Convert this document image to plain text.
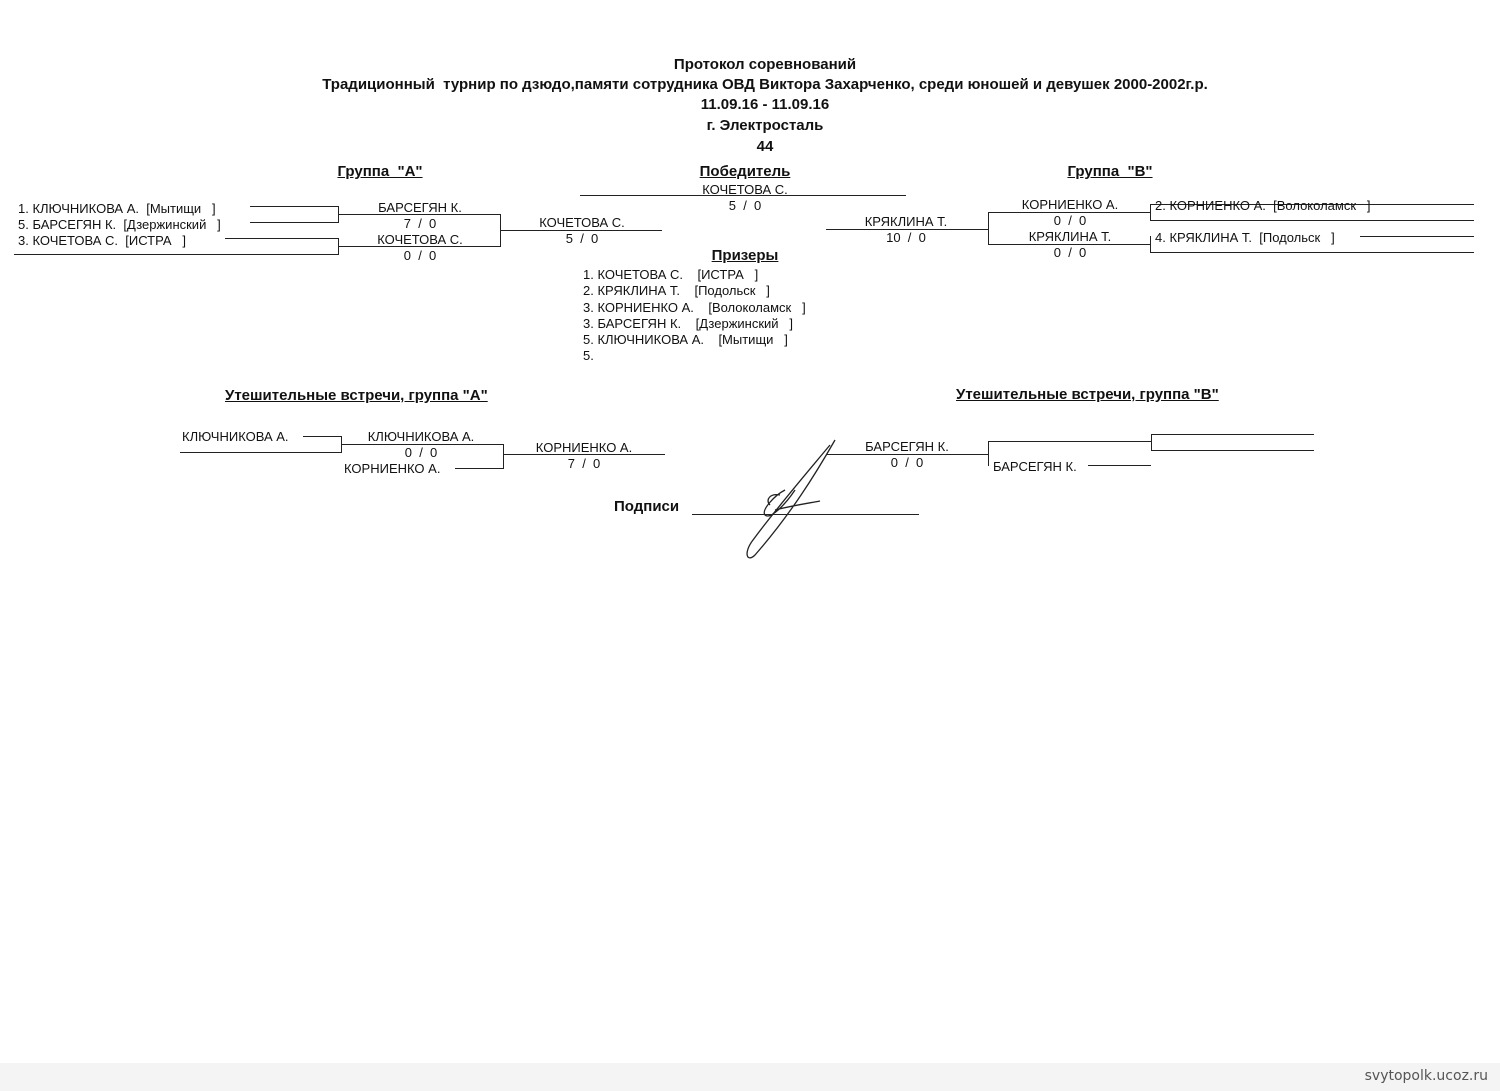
Протокол соревнований
Традиционный  турнир по дзюдо,памяти сотрудника ОВД Виктора Захарченко, среди юношей и девушек 2000-2002г.р.
11.09.16 - 11.09.16
г. Электросталь
44
Группа  "А"
1. КЛЮЧНИКОВА А.  [Мытищи   ]
5. БАРСЕГЯН К.  [Дзержинский   ]
3. КОЧЕТОВА С.  [ИСТРА   ]
БАРСЕГЯН К.
7  /  0
КОЧЕТОВА С.
0  /  0
КОЧЕТОВА С.
5  /  0
Победитель
КОЧЕТОВА С.
5  /  0
Группа  "В"
КРЯКЛИНА Т.
10  /  0
КОРНИЕНКО А.
0  /  0
КРЯКЛИНА Т.
0  /  0
2. КОРНИЕНКО А.  [Волоколамск   ]
4. КРЯКЛИНА Т.  [Подольск   ]
Призеры
1. КОЧЕТОВА С.    [ИСТРА   ]
2. КРЯКЛИНА Т.    [Подольск   ]
3. КОРНИЕНКО А.    [Волоколамск   ]
3. БАРСЕГЯН К.    [Дзержинский   ]
5. КЛЮЧНИКОВА А.    [Мытищи   ]
5.
Утешительные встречи, группа "А"
КЛЮЧНИКОВА А.	КЛЮЧНИКОВА А.
0  /  0
КОРНИЕНКО А.
КОРНИЕНКО А.
7  /  0
Утешительные встречи, группа "В"
БАРСЕГЯН К.
0  /  0	БАРСЕГЯН К.
Подписи
svytopolk.ucoz.ru
